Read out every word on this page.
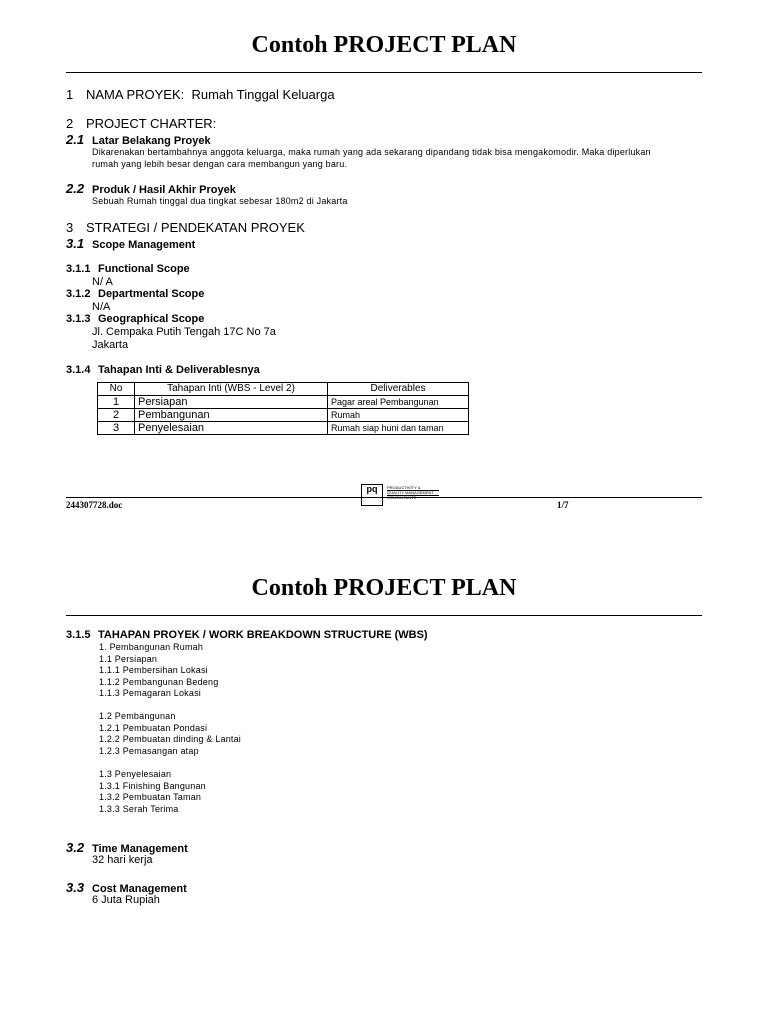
Contoh PROJECT PLAN
1 NAMA PROYEK: Rumah Tinggal Keluarga
2 PROJECT CHARTER:
2.1 Latar Belakang Proyek
Dikarenakan bertambahnya anggota keluarga, maka rumah yang ada sekarang dipandang tidak bisa mengakomodir. Maka diperlukan
rumah yang lebih besar dengan cara membangun yang baru.
2.2 Produk / Hasil Akhir Proyek
Sebuah Rumah tinggal dua tingkat sebesar 180m2 di Jakarta
3 STRATEGI / PENDEKATAN PROYEK
3.1 Scope Management
3.1.1 Functional Scope
N/ A
3.1.2 Departmental Scope
N/A
3.1.3 Geographical Scope
Jl. Cempaka Putih Tengah 17C No 7a
Jakarta
3.1.4 Tahapan Inti & Deliverablesnya
No	Tahapan Inti (WBS - Level 2)	Deliverables
1	Persiapan	Pagar areal Pembangunan
2	Pembangunan	Rumah
3	Penyelesaian	Rumah siap huni dan taman
pq	PRODUCTIVITY &
QUALITY MANAGEMENT
CONSULTANTS
244307728.doc	1/7
Contoh PROJECT PLAN
3.1.5 TAHAPAN PROYEK / WORK BREAKDOWN STRUCTURE (WBS)
1. Pembangunan Rumah
1.1 Persiapan
1.1.1 Pembersihan Lokasi
1.1.2 Pembangunan Bedeng
1.1.3 Pemagaran Lokasi
1.2 Pembangunan
1.2.1 Pembuatan Pondasi
1.2.2 Pembuatan dinding & Lantai
1.2.3 Pemasangan atap
1.3 Penyelesaian
1.3.1 Finishing Bangunan
1.3.2 Pembuatan Taman
1.3.3 Serah Terima
3.2 Time Management
32 hari kerja
3.3 Cost Management
6 Juta Rupiah
